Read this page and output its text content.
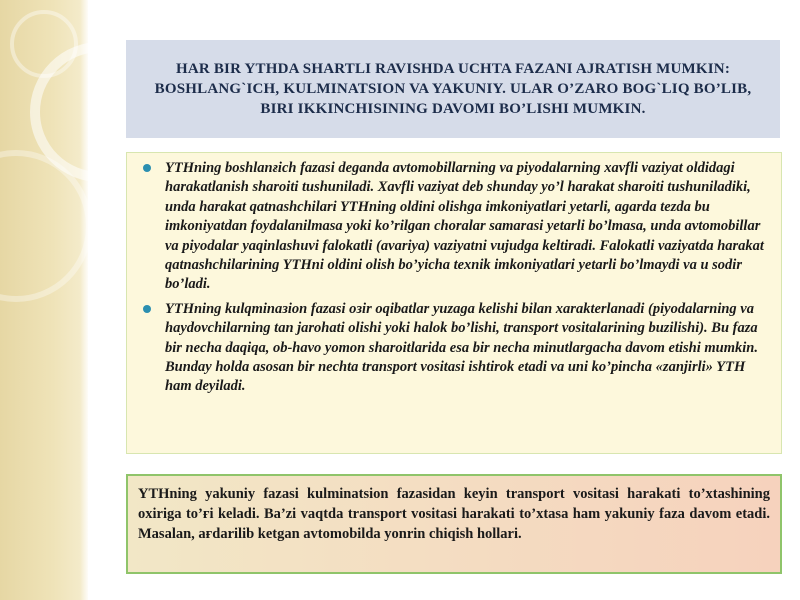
HAR BIR YTHDA SHARTLI RAVISHDA UCHTA FAZANI AJRATISH MUMKIN: BOSHLANG`ICH, KULMINATSION VA YAKUNIY. ULAR O’ZARO BOG`LIQ BO’LIB, BIRI IKKINCHISINING DAVOMI BO’LISHI MUMKIN.

YTHning boshlanғich fazasi deganda avtomobillarning va piyodalarning xavfli vaziyat oldidagi harakatlanish sharoiti tushuniladi. Xavfli vaziyat deb shunday yo’l harakat sharoiti tushuniladiki, unda harakat qatnashchilari YTHning oldini olishga imkoniyatlari yetarli, agarda tezda bu imkoniyatdan foydalanilmasa yoki ko’rilgan choralar samarasi yetarli bo’lmasa, unda avtomobillar va piyodalar yaqinlashuvi falokatli (avariya) vaziyatni vujudga keltiradi. Falokatli vaziyatda harakat qatnashchilarining YTHni oldini olish bo’yicha texnik imkoniyatlari yetarli bo’lmaydi va u sodir bo’ladi.

YTHning kulqminaзion fazasi oзir oqibatlar yuzaga kelishi bilan xarakterlanadi (piyodalarning va haydovchilarning tan jarohati olishi yoki halok bo’lishi, transport vositalarining buzilishi). Bu faza bir necha daqiqa, ob-havo yomon sharoitlarida esa bir necha minutlargacha davom etishi mumkin. Bunday holda asosan bir nechta transport vositasi ishtirok etadi va uni ko’pincha «zanjirli» YTH ham deyiladi.

YTHning yakuniy fazasi kulminatsion fazasidan keyin transport vositasi harakati to’xtashining oxiriga to’ғi keladi. Ba’zi vaqtda transport vositasi harakati to’xtasa ham yakuniy faza davom etadi. Masalan, ағdarilib ketgan avtomobilda yonrin chiqish hollari.
